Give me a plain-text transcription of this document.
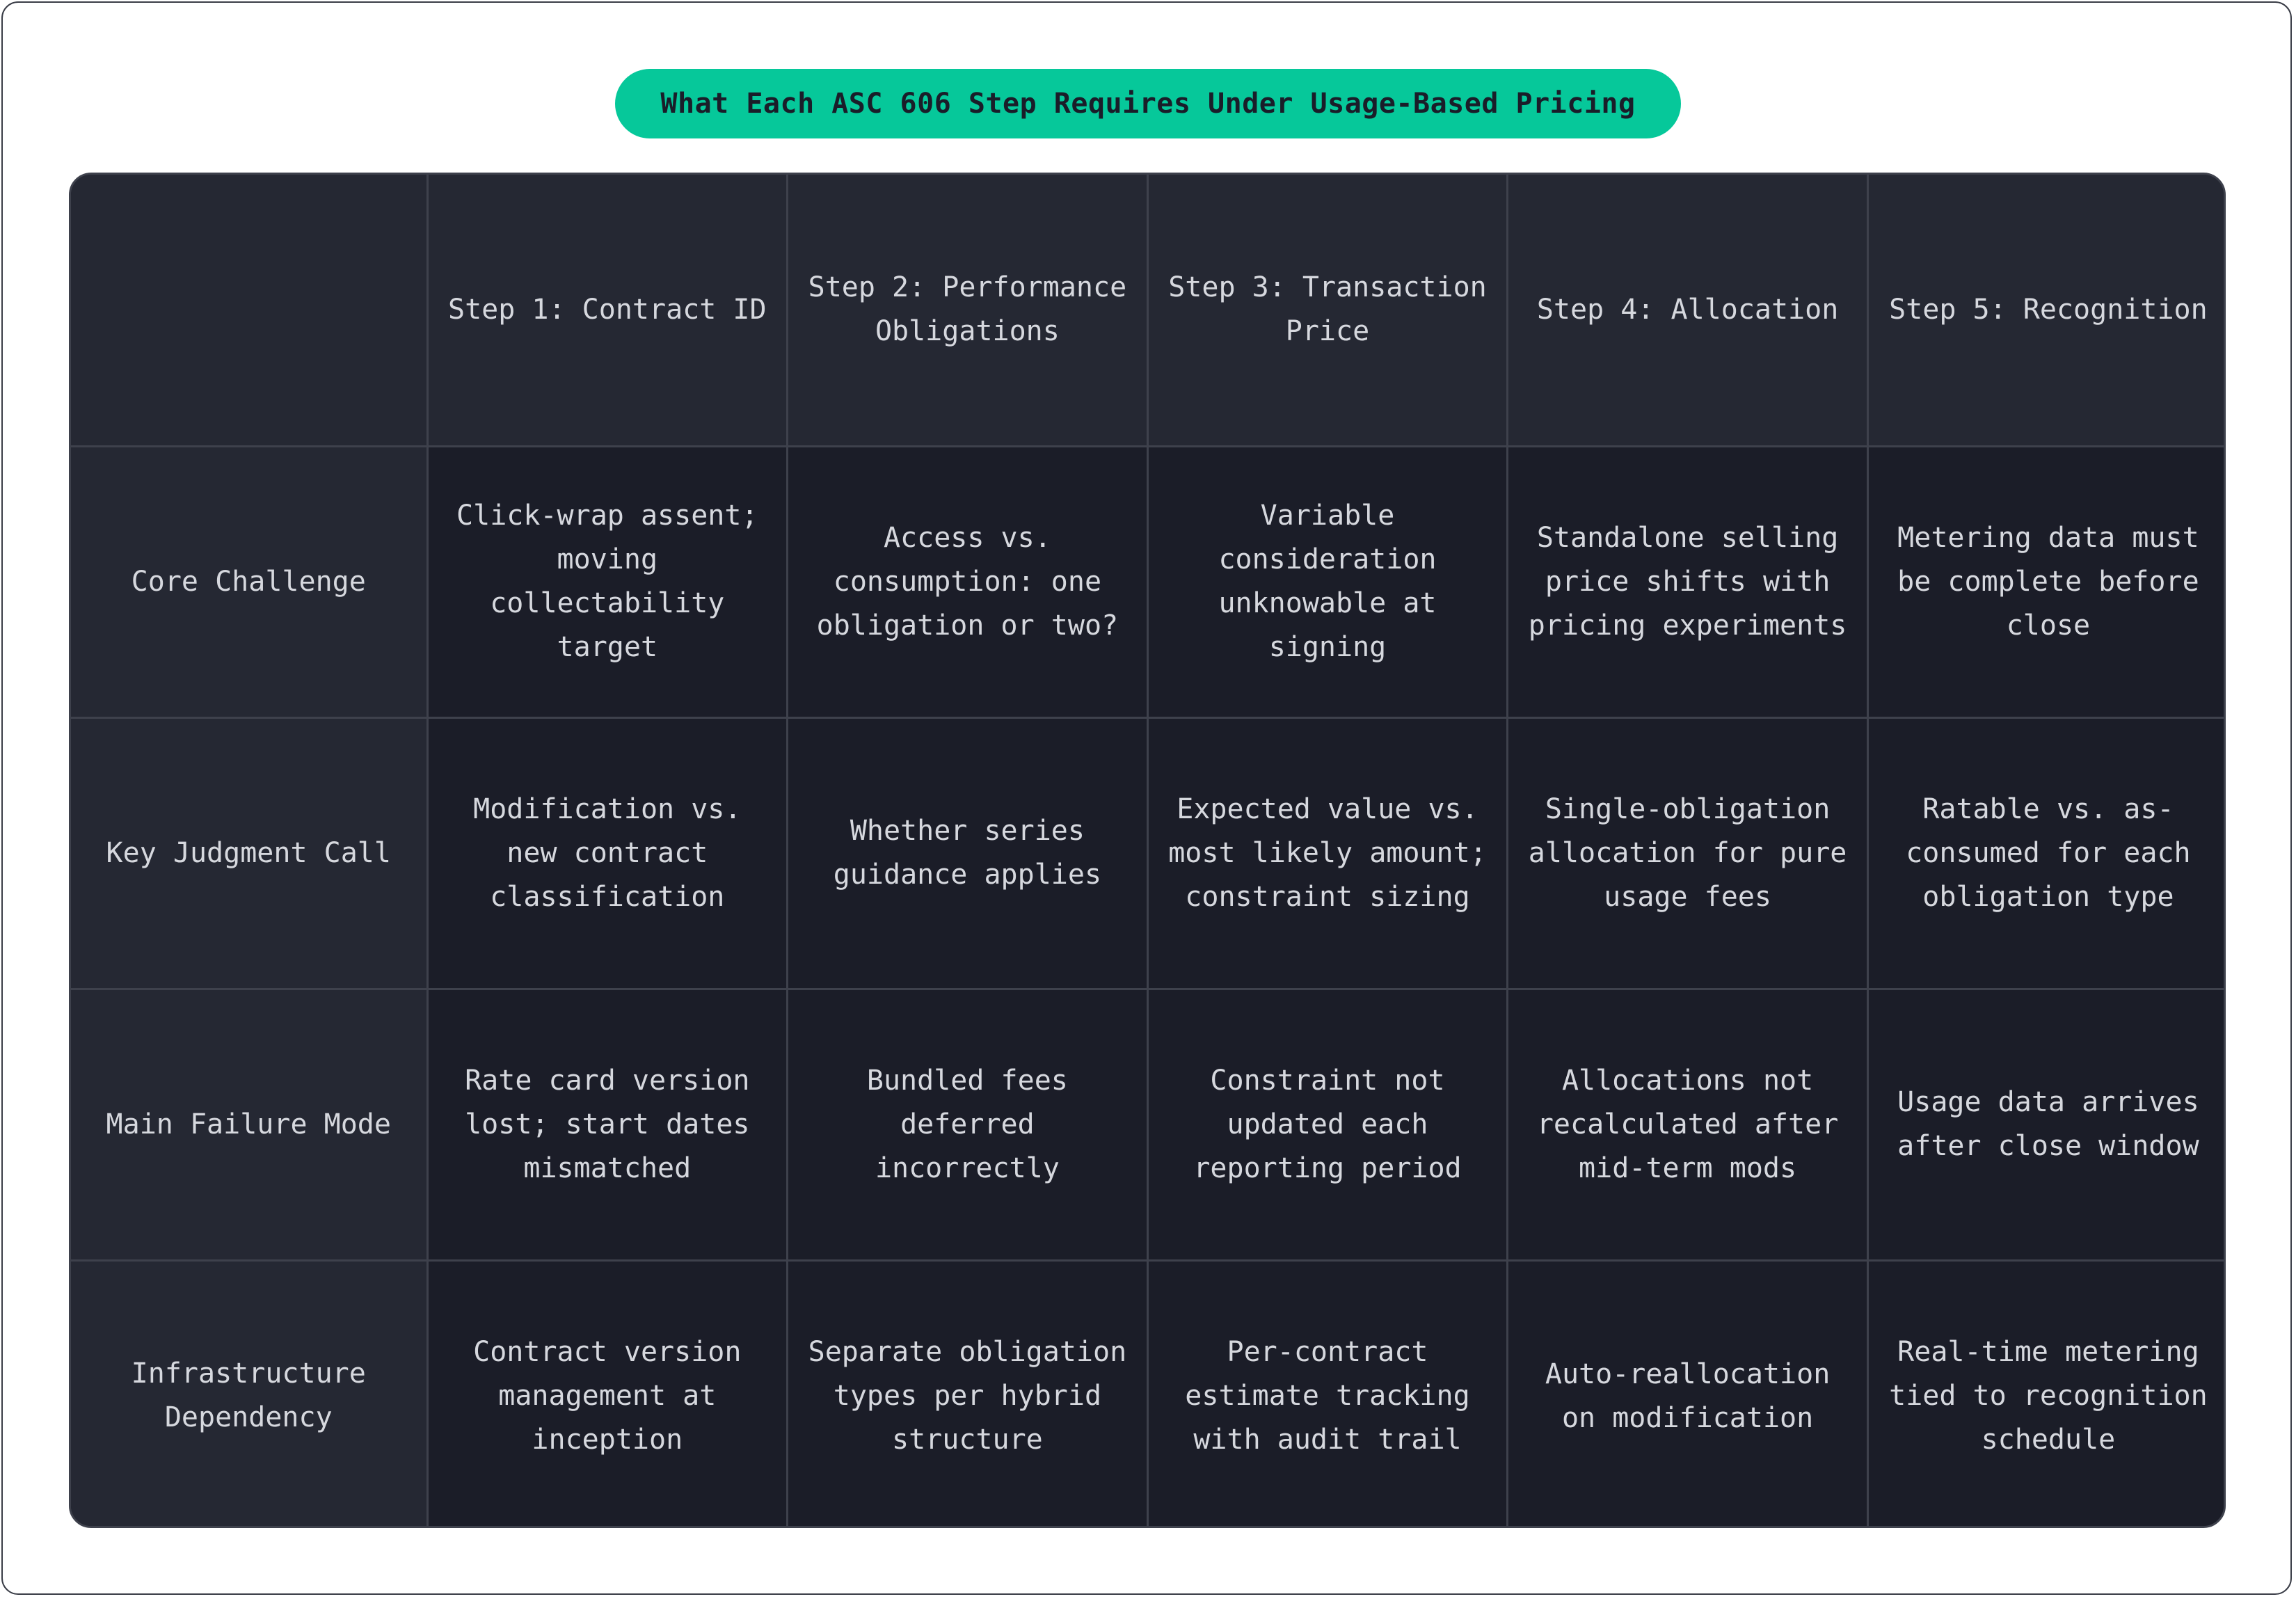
What Each ASC 606 Step Requires Under Usage-Based Pricing
	Step 1: Contract ID	Step 2: Performance Obligations	Step 3: Transaction Price	Step 4: Allocation	Step 5: Recognition
Core Challenge	Click-wrap assent; moving collectability target	Access vs. consumption: one obligation or two?	Variable consideration unknowable at signing	Standalone selling price shifts with pricing experiments	Metering data must be complete before close
Key Judgment Call	Modification vs. new contract classification	Whether series guidance applies	Expected value vs. most likely amount; constraint sizing	Single-obligation allocation for pure usage fees	Ratable vs. as-consumed for each obligation type
Main Failure Mode	Rate card version lost; start dates mismatched	Bundled fees deferred incorrectly	Constraint not updated each reporting period	Allocations not recalculated after mid-term mods	Usage data arrives after close window
Infrastructure Dependency	Contract version management at inception	Separate obligation types per hybrid structure	Per-contract estimate tracking with audit trail	Auto-reallocation on modification	Real-time metering tied to recognition schedule
